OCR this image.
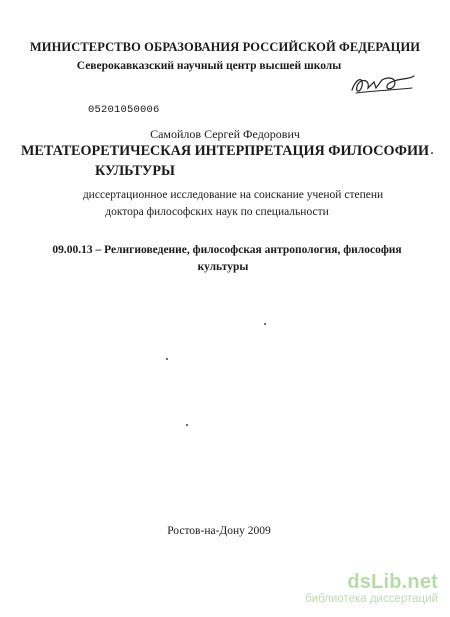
МИНИСТЕРСТВО ОБРАЗОВАНИЯ РОССИЙСКОЙ ФЕДЕРАЦИИ
Северокавказский научный центр высшей школы
05201050006
Самойлов Сергей Федорович
МЕТАТЕОРЕТИЧЕСКАЯ ИНТЕРПРЕТАЦИЯ ФИЛОСОФИИ
КУЛЬТУРЫ
диссертационное исследование на соискание ученой степени
доктора философских наук по специальности
09.00.13 – Религиоведение, философская антропология, философия
культуры
Ростов-на-Дону 2009
dsLib.net
библиотека диссертаций
